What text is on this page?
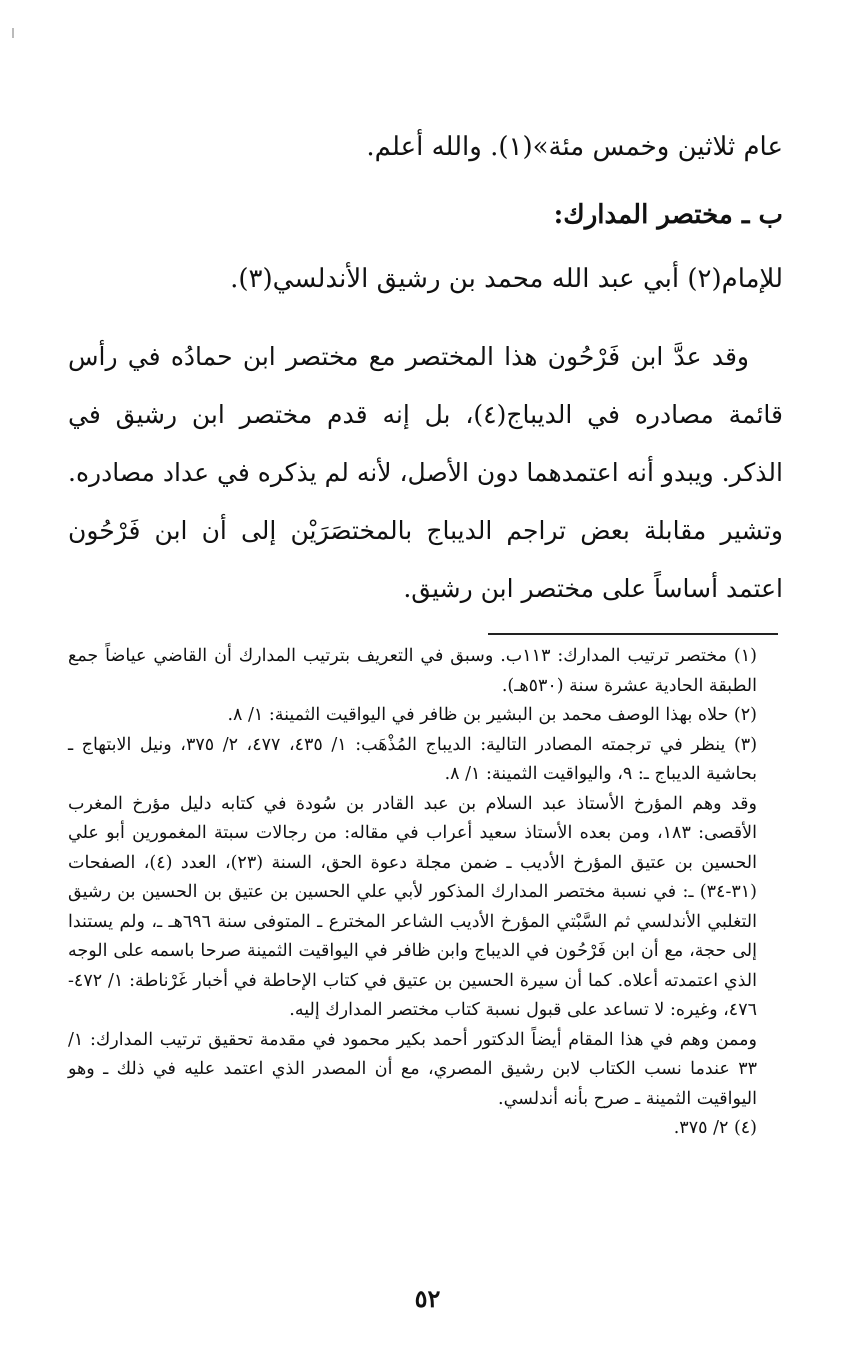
عام ثلاثين وخمس مئة»(١). والله أعلم.
ب ـ مختصر المدارك:
للإمام(٢) أبي عبد الله محمد بن رشيق الأندلسي(٣).
وقد عدَّ ابن فَرْحُون هذا المختصر مع مختصر ابن حمادُه في رأس قائمة مصادره في الديباج(٤)، بل إنه قدم مختصر ابن رشيق في الذكر. ويبدو أنه اعتمدهما دون الأصل، لأنه لم يذكره في عداد مصادره. وتشير مقابلة بعض تراجم الديباج بالمختصَرَيْن إلى أن ابن فَرْحُون اعتمد أساساً على مختصر ابن رشيق.

(١) مختصر ترتيب المدارك: ١١٣ب. وسبق في التعريف بترتيب المدارك أن القاضي عياضاً جمع الطبقة الحادية عشرة سنة (٥٣٠هـ).

(٢) حلاه بهذا الوصف محمد بن البشير بن ظافر في اليواقيت الثمينة: ١/ ٨.

(٣) ينظر في ترجمته المصادر التالية: الديباج المُذْهَب: ١/ ٤٣٥، ٤٧٧، ٢/ ٣٧٥، ونيل الابتهاج ـ بحاشية الديباج ـ: ٩، واليواقيت الثمينة: ١/ ٨.

وقد وهم المؤرخ الأستاذ عبد السلام بن عبد القادر بن سُودة في كتابه دليل مؤرخ المغرب الأقصى: ١٨٣، ومن بعده الأستاذ سعيد أعراب في مقاله: من رجالات سبتة المغمورين أبو علي الحسين بن عتيق المؤرخ الأديب ـ ضمن مجلة دعوة الحق، السنة (٢٣)، العدد (٤)، الصفحات (٣١-٣٤) ـ: في نسبة مختصر المدارك المذكور لأبي علي الحسين بن عتيق بن الحسين بن رشيق التغلبي الأندلسي ثم السَّبْتي المؤرخ الأديب الشاعر المخترع ـ المتوفى سنة ٦٩٦هـ ـ، ولم يستندا إلى حجة، مع أن ابن فَرْحُون في الديباج وابن ظافر في اليواقيت الثمينة صرحا باسمه على الوجه الذي اعتمدته أعلاه. كما أن سيرة الحسين بن عتيق في كتاب الإحاطة في أخبار غَرْناطة: ١/ ٤٧٢- ٤٧٦، وغيره: لا تساعد على قبول نسبة كتاب مختصر المدارك إليه.

وممن وهم في هذا المقام أيضاً الدكتور أحمد بكير محمود في مقدمة تحقيق ترتيب المدارك: ١/ ٣٣ عندما نسب الكتاب لابن رشيق المصري، مع أن المصدر الذي اعتمد عليه في ذلك ـ وهو اليواقيت الثمينة ـ صرح بأنه أندلسي.

(٤) ٢/ ٣٧٥.

٥٢
